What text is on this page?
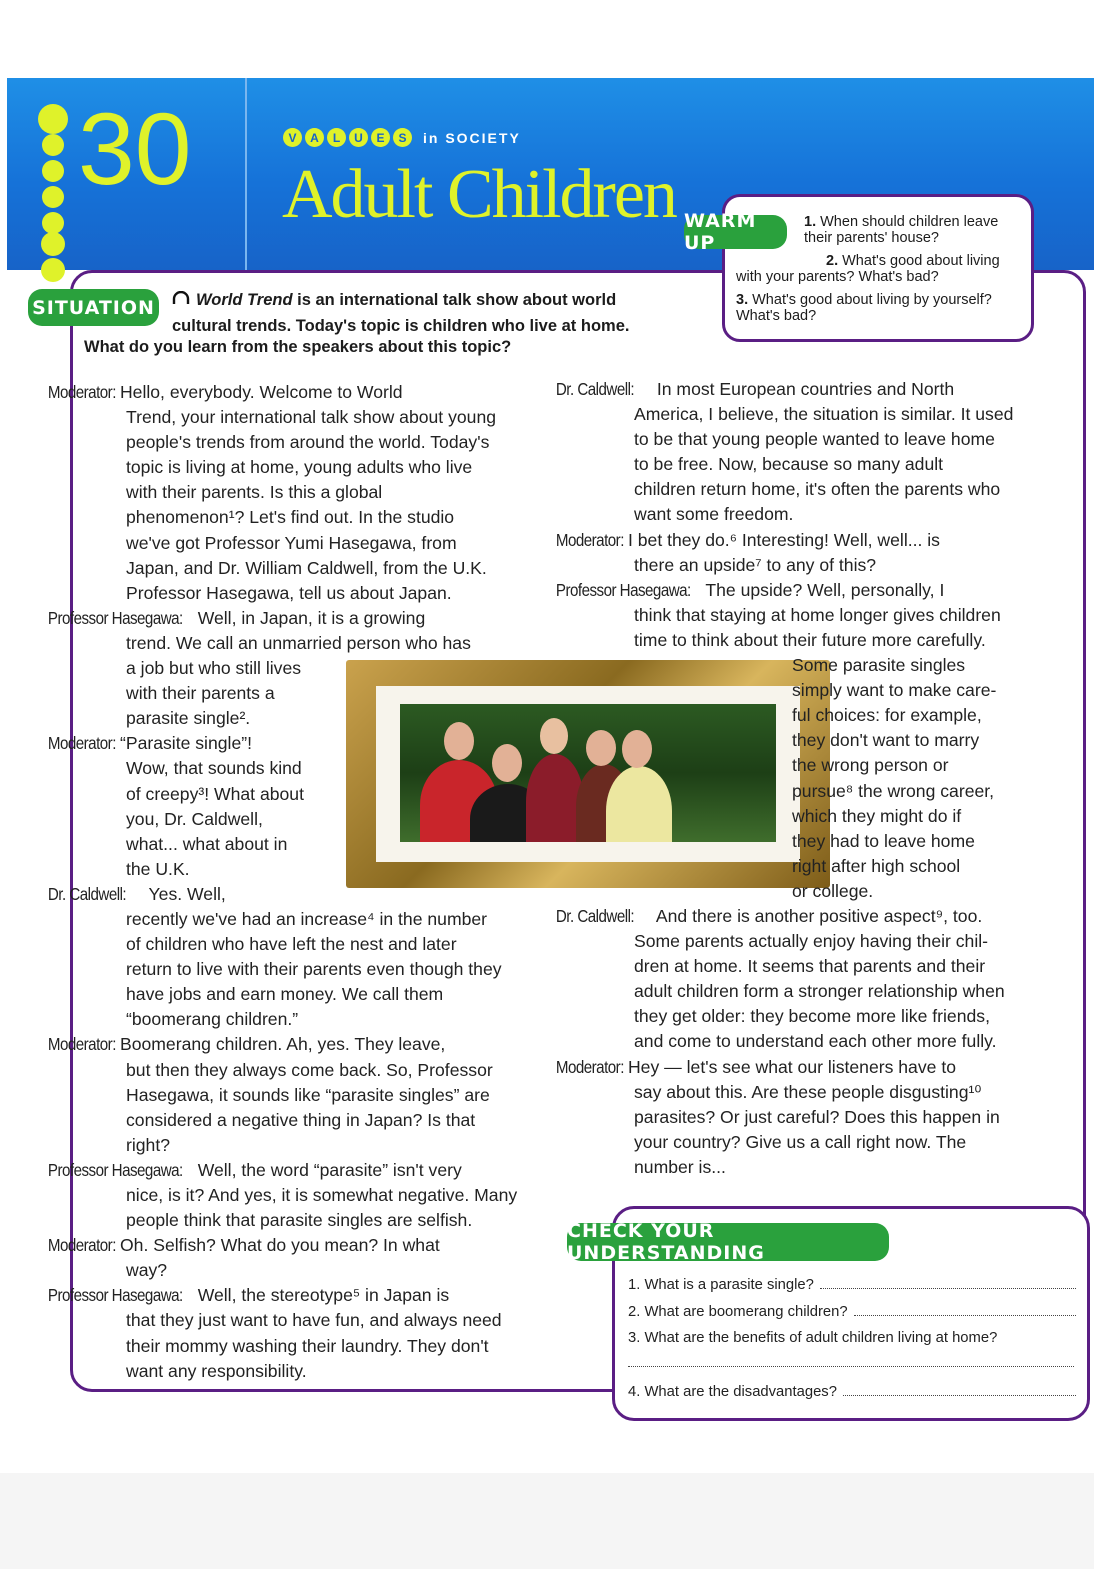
30	V	A	L	U	E	S	in SOCIETY
Adult Children WARM UP
1. When should children leave their parents' house?
2. What's good about living with your parents? What's bad?
3. What's good about living by yourself? What's bad?
SITUATION	World Trend is an international talk show about world
cultural trends. Today's topic is children who live at home.
What do you learn from the speakers about this topic?

Moderator: Hello, everybody. Welcome to World
Trend, your international talk show about young
people's trends from around the world. Today's
topic is living at home, young adults who live
with their parents. Is this a global
phenomenon¹? Let's find out. In the studio
we've got Professor Yumi Hasegawa, from
Japan, and Dr. William Caldwell, from the U.K.
Professor Hasegawa, tell us about Japan.

Professor Hasegawa: Well, in Japan, it is a growing
trend. We call an unmarried person who has
a job but who still lives
with their parents a
parasite single².

Moderator: “Parasite single”!
Wow, that sounds kind
of creepy³! What about
you, Dr. Caldwell,
what... what about in
the U.K.

Dr. Caldwell: Yes. Well,
recently we've had an increase⁴ in the number
of children who have left the nest and later
return to live with their parents even though they
have jobs and earn money. We call them
“boomerang children.”

Moderator: Boomerang children. Ah, yes. They leave,
but then they always come back. So, Professor
Hasegawa, it sounds like “parasite singles” are
considered a negative thing in Japan? Is that
right?

Professor Hasegawa: Well, the word “parasite” isn't very
nice, is it? And yes, it is somewhat negative. Many
people think that parasite singles are selfish.

Moderator: Oh. Selfish? What do you mean? In what
way?

Professor Hasegawa: Well, the stereotype⁵ in Japan is
that they just want to have fun, and always need
their mommy washing their laundry. They don't
want any responsibility.

Dr. Caldwell: In most European countries and North
America, I believe, the situation is similar. It used
to be that young people wanted to leave home
to be free. Now, because so many adult
children return home, it's often the parents who
want some freedom.

Moderator: I bet they do.⁶ Interesting! Well, well... is
there an upside⁷ to any of this?

Professor Hasegawa: The upside? Well, personally, I
think that staying at home longer gives children
time to think about their future more carefully.
Some parasite singles
simply want to make care-
ful choices: for example,
they don't want to marry
the wrong person or
pursue⁸ the wrong career,
which they might do if
they had to leave home
right after high school
or college.

Dr. Caldwell: And there is another positive aspect⁹, too.
Some parents actually enjoy having their chil-
dren at home. It seems that parents and their
adult children form a stronger relationship when
they get older: they become more like friends,
and come to understand each other more fully.

Moderator: Hey — let's see what our listeners have to
say about this. Are these people disgusting¹⁰
parasites? Or just careful? Does this happen in
your country? Give us a call right now. The
number is...

CHECK YOUR UNDERSTANDING
1. What is a parasite single?
2. What are boomerang children?
3. What are the benefits of adult children living at home?
4. What are the disadvantages?
